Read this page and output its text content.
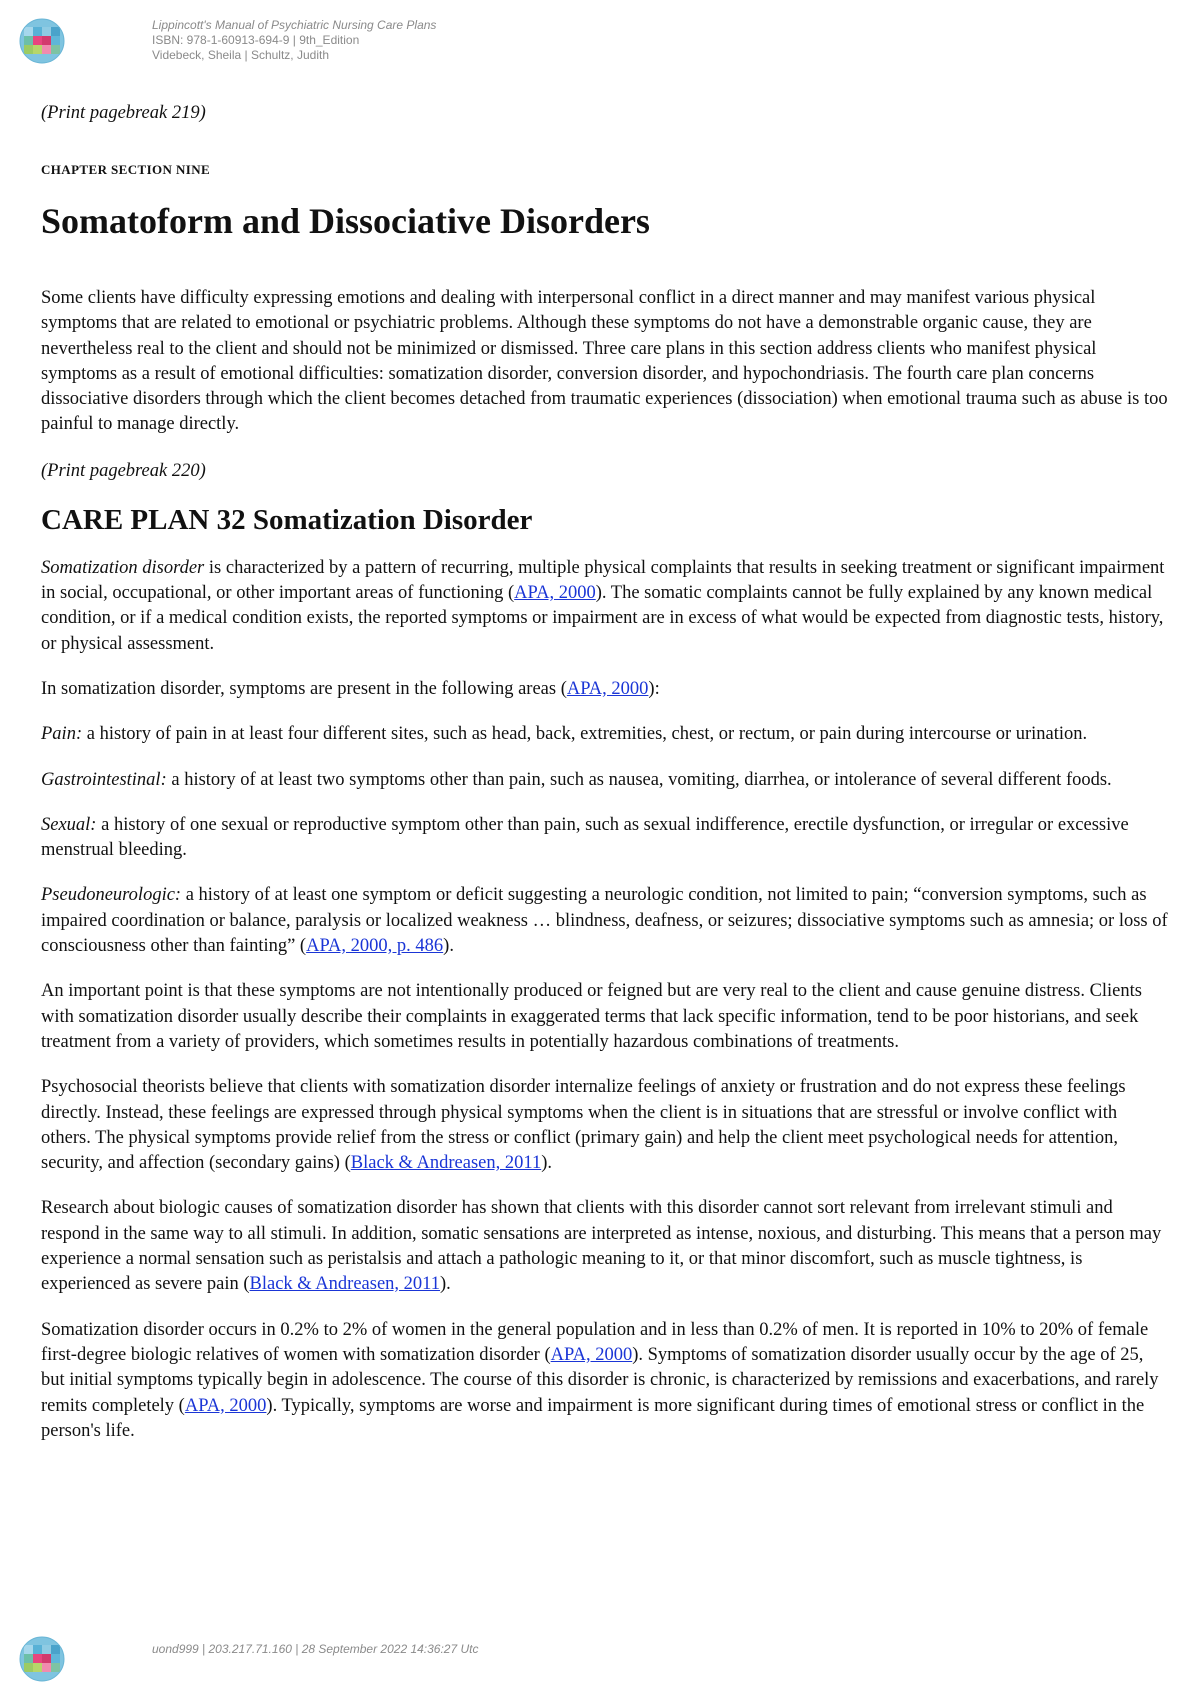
Lippincott's Manual of Psychiatric Nursing Care Plans
ISBN: 978-1-60913-694-9 | 9th_Edition
Videbeck, Sheila | Schultz, Judith

(Print pagebreak 219)

CHAPTER SECTION NINE
Somatoform and Dissociative Disorders

Some clients have difficulty expressing emotions and dealing with interpersonal conflict in a direct manner and may manifest various physical symptoms that are related to emotional or psychiatric problems. Although these symptoms do not have a demonstrable organic cause, they are nevertheless real to the client and should not be minimized or dismissed. Three care plans in this section address clients who manifest physical symptoms as a result of emotional difficulties: somatization disorder, conversion disorder, and hypochondriasis. The fourth care plan concerns dissociative disorders through which the client becomes detached from traumatic experiences (dissociation) when emotional trauma such as abuse is too painful to manage directly.

(Print pagebreak 220)

CARE PLAN 32 Somatization Disorder

Somatization disorder is characterized by a pattern of recurring, multiple physical complaints that results in seeking treatment or significant impairment in social, occupational, or other important areas of functioning (APA, 2000). The somatic complaints cannot be fully explained by any known medical condition, or if a medical condition exists, the reported symptoms or impairment are in excess of what would be expected from diagnostic tests, history, or physical assessment.

In somatization disorder, symptoms are present in the following areas (APA, 2000):

Pain: a history of pain in at least four different sites, such as head, back, extremities, chest, or rectum, or pain during intercourse or urination.

Gastrointestinal: a history of at least two symptoms other than pain, such as nausea, vomiting, diarrhea, or intolerance of several different foods.

Sexual: a history of one sexual or reproductive symptom other than pain, such as sexual indifference, erectile dysfunction, or irregular or excessive menstrual bleeding.

Pseudoneurologic: a history of at least one symptom or deficit suggesting a neurologic condition, not limited to pain; “conversion symptoms, such as impaired coordination or balance, paralysis or localized weakness … blindness, deafness, or seizures; dissociative symptoms such as amnesia; or loss of consciousness other than fainting” (APA, 2000, p. 486).

An important point is that these symptoms are not intentionally produced or feigned but are very real to the client and cause genuine distress. Clients with somatization disorder usually describe their complaints in exaggerated terms that lack specific information, tend to be poor historians, and seek treatment from a variety of providers, which sometimes results in potentially hazardous combinations of treatments.

Psychosocial theorists believe that clients with somatization disorder internalize feelings of anxiety or frustration and do not express these feelings directly. Instead, these feelings are expressed through physical symptoms when the client is in situations that are stressful or involve conflict with others. The physical symptoms provide relief from the stress or conflict (primary gain) and help the client meet psychological needs for attention, security, and affection (secondary gains) (Black & Andreasen, 2011).

Research about biologic causes of somatization disorder has shown that clients with this disorder cannot sort relevant from irrelevant stimuli and respond in the same way to all stimuli. In addition, somatic sensations are interpreted as intense, noxious, and disturbing. This means that a person may experience a normal sensation such as peristalsis and attach a pathologic meaning to it, or that minor discomfort, such as muscle tightness, is experienced as severe pain (Black & Andreasen, 2011).

Somatization disorder occurs in 0.2% to 2% of women in the general population and in less than 0.2% of men. It is reported in 10% to 20% of female first-degree biologic relatives of women with somatization disorder (APA, 2000). Symptoms of somatization disorder usually occur by the age of 25, but initial symptoms typically begin in adolescence. The course of this disorder is chronic, is characterized by remissions and exacerbations, and rarely remits completely (APA, 2000). Typically, symptoms are worse and impairment is more significant during times of emotional stress or conflict in the person's life.

uond999 | 203.217.71.160 | 28 September 2022 14:36:27 Utc
